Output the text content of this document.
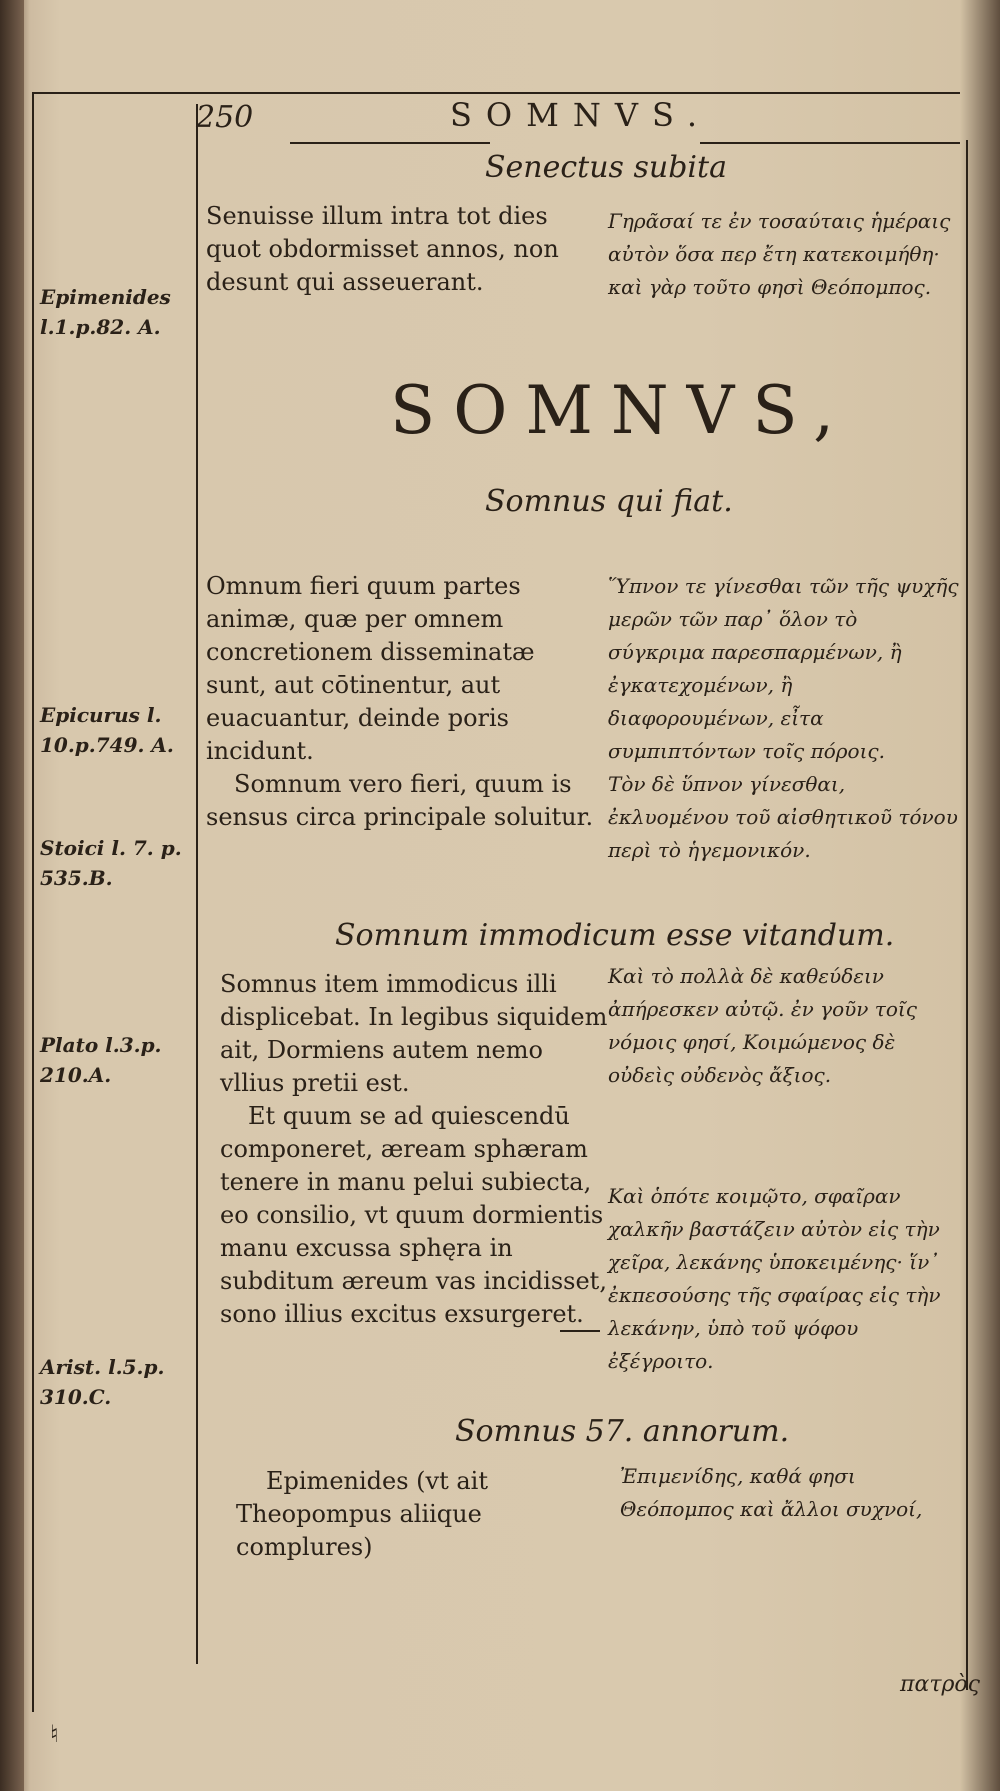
250	SOMNVS.
Senectus subita

Senuisse illum intra tot dies quot obdormisset annos, non desunt qui asseuerant.

Γηρᾶσαί τε ἐν τοσαύταις ἡμέραις αὐτὸν ὅσα περ ἔτη κατεκοιμήθη· καὶ γὰρ τοῦτο φησὶ Θεόπομπος.

Epimenides l.1.p.82. A.
SOMNVS,
Somnus qui fiat.

Omnum fieri quum partes animæ, quæ per omnem concretionem disseminatæ sunt, aut cōtinentur, aut euacuantur, deinde poris incidunt.

Somnum vero fieri, quum is sensus circa principale soluitur.

Ὕπνον τε γίνεσθαι τῶν τῆς ψυχῆς μερῶν τῶν παρ᾽ ὅλον τὸ σύγκριμα παρεσπαρμένων, ἢ ἐγκατεχομένων, ἢ διαφορουμένων, εἶτα συμπιπτόντων τοῖς πόροις.

Τὸν δὲ ὕπνον γίνεσθαι, ἐκλυομένου τοῦ αἰσθητικοῦ τόνου περὶ τὸ ἡγεμονικόν.

Epicurus l. 10.p.749. A.
Stoici l. 7. p. 535.B.
Somnum immodicum esse vitandum.

Somnus item immodicus illi displicebat. In legibus siquidem ait, Dormiens autem nemo vllius pretii est.

Et quum se ad quiescendū componeret, æream sphæram tenere in manu pelui subiecta, eo consilio, vt quum dormientis manu excussa sphęra in subditum æreum vas incidisset, sono illius excitus exsurgeret.

Καὶ τὸ πολλὰ δὲ καθεύδειν ἀπήρεσκεν αὐτῷ. ἐν γοῦν τοῖς νόμοις φησί, Κοιμώμενος δὲ οὐδεὶς οὐδενὸς ἄξιος.

Καὶ ὁπότε κοιμῷτο, σφαῖραν χαλκῆν βαστάζειν αὐτὸν εἰς τὴν χεῖρα, λεκάνης ὑποκειμένης· ἵν᾽ ἐκπεσούσης τῆς σφαίρας εἰς τὴν λεκάνην, ὑπὸ τοῦ ψόφου ἐξέγροιτο.

Plato l.3.p. 210.A.
Arist. l.5.p. 310.C.
Somnus 57. annorum.

Epimenides (vt ait Theopompus aliique complures)

Ἐπιμενίδης, καθά φησι Θεόπομπος καὶ ἄλλοι συχνοί,

πατρὸς
♮
